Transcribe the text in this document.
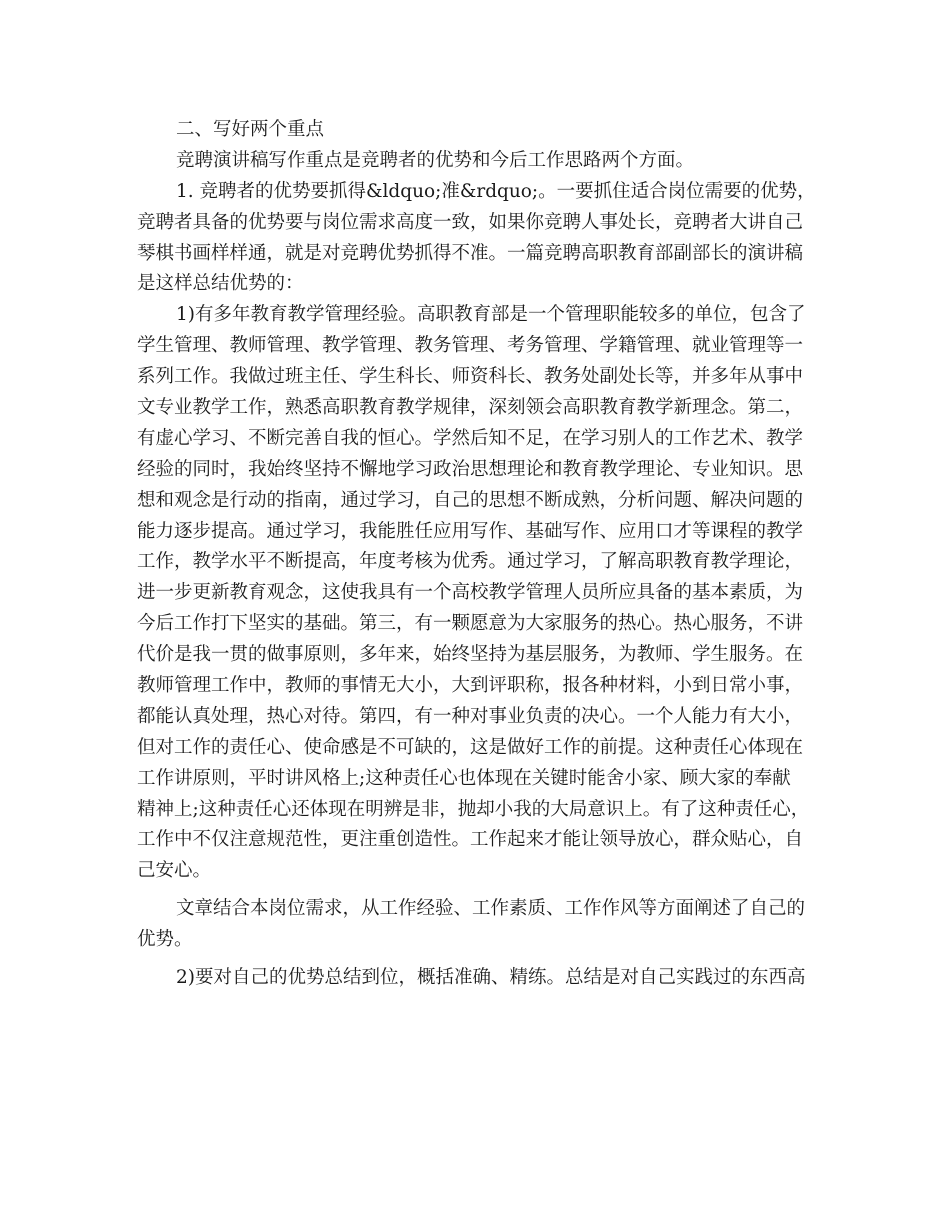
二、写好两个重点
竞聘演讲稿写作重点是竞聘者的优势和今后工作思路两个方面。
1. 竞聘者的优势要抓得&ldquo;准&rdquo;。一要抓住适合岗位需要的优势，
竞聘者具备的优势要与岗位需求高度一致，如果你竞聘人事处长，竞聘者大讲自己
琴棋书画样样通，就是对竞聘优势抓得不准。一篇竞聘高职教育部副部长的演讲稿
是这样总结优势的：
1)有多年教育教学管理经验。高职教育部是一个管理职能较多的单位，包含了
学生管理、教师管理、教学管理、教务管理、考务管理、学籍管理、就业管理等一
系列工作。我做过班主任、学生科长、师资科长、教务处副处长等，并多年从事中
文专业教学工作，熟悉高职教育教学规律，深刻领会高职教育教学新理念。第二，
有虚心学习、不断完善自我的恒心。学然后知不足，在学习别人的工作艺术、教学
经验的同时，我始终坚持不懈地学习政治思想理论和教育教学理论、专业知识。思
想和观念是行动的指南，通过学习，自己的思想不断成熟，分析问题、解决问题的
能力逐步提高。通过学习，我能胜任应用写作、基础写作、应用口才等课程的教学
工作，教学水平不断提高，年度考核为优秀。通过学习，了解高职教育教学理论，
进一步更新教育观念，这使我具有一个高校教学管理人员所应具备的基本素质，为
今后工作打下坚实的基础。第三，有一颗愿意为大家服务的热心。热心服务，不讲
代价是我一贯的做事原则，多年来，始终坚持为基层服务，为教师、学生服务。在
教师管理工作中，教师的事情无大小，大到评职称，报各种材料，小到日常小事，
都能认真处理，热心对待。第四，有一种对事业负责的决心。一个人能力有大小，
但对工作的责任心、使命感是不可缺的，这是做好工作的前提。这种责任心体现在
工作讲原则，平时讲风格上;这种责任心也体现在关键时能舍小家、顾大家的奉献
精神上;这种责任心还体现在明辨是非，抛却小我的大局意识上。有了这种责任心，
工作中不仅注意规范性，更注重创造性。工作起来才能让领导放心，群众贴心，自
己安心。
文章结合本岗位需求，从工作经验、工作素质、工作作风等方面阐述了自己的
优势。
2)要对自己的优势总结到位，概括准确、精练。总结是对自己实践过的东西高
